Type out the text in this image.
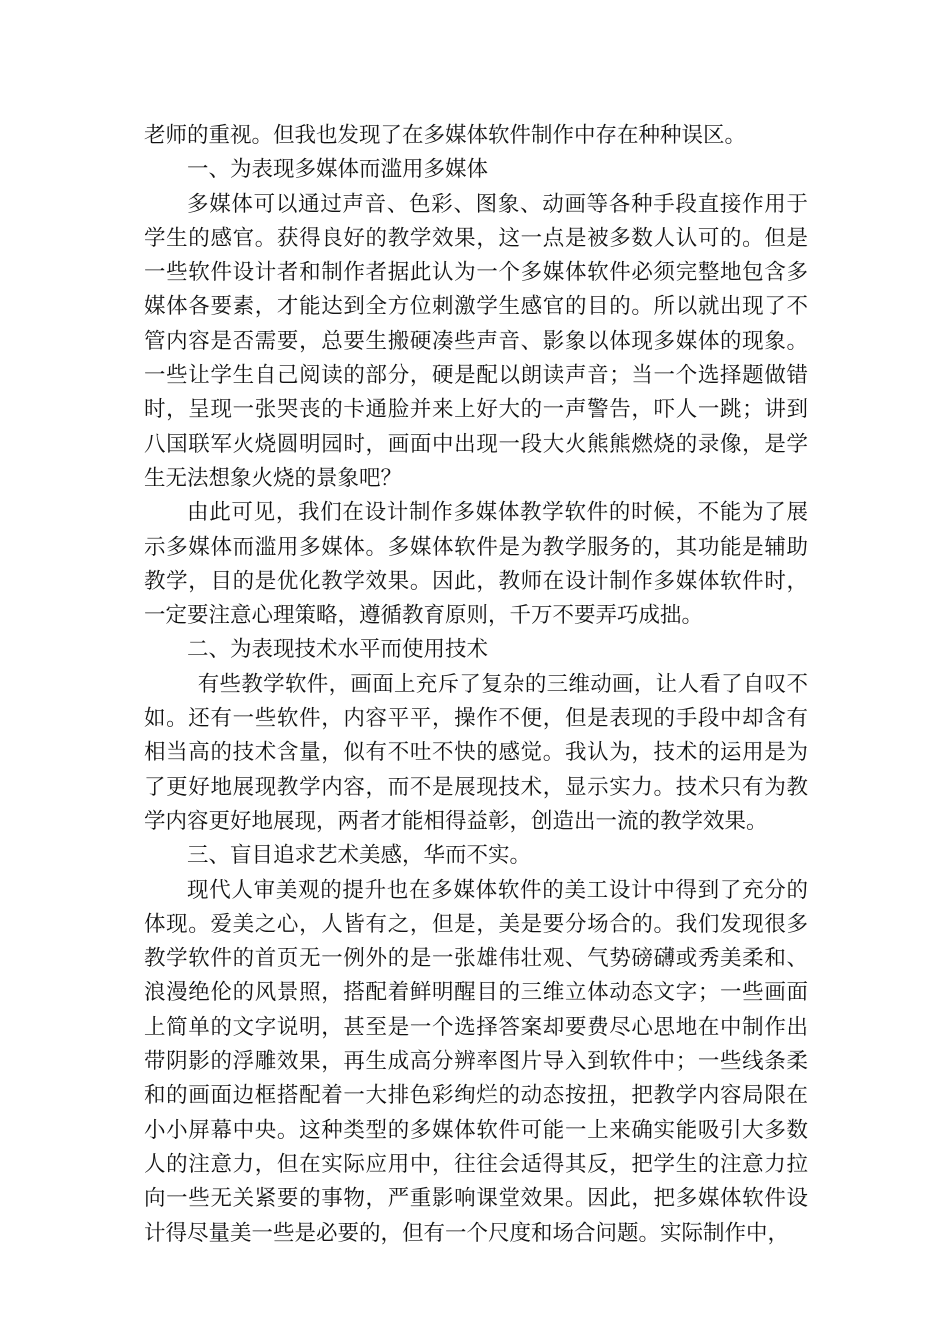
老师的重视。但我也发现了在多媒体软件制作中存在种种误区。

一、为表现多媒体而滥用多媒体

多媒体可以通过声音、色彩、图象、动画等各种手段直接作用于学生的感官。获得良好的教学效果，这一点是被多数人认可的。但是一些软件设计者和制作者据此认为一个多媒体软件必须完整地包含多媒体各要素，才能达到全方位刺激学生感官的目的。所以就出现了不管内容是否需要，总要生搬硬凑些声音、影象以体现多媒体的现象。一些让学生自己阅读的部分，硬是配以朗读声音；当一个选择题做错时，呈现一张哭丧的卡通脸并来上好大的一声警告，吓人一跳；讲到八国联军火烧圆明园时，画面中出现一段大火熊熊燃烧的录像，是学生无法想象火烧的景象吧？

由此可见，我们在设计制作多媒体教学软件的时候，不能为了展示多媒体而滥用多媒体。多媒体软件是为教学服务的，其功能是辅助教学，目的是优化教学效果。因此，教师在设计制作多媒体软件时，一定要注意心理策略，遵循教育原则，千万不要弄巧成拙。

二、为表现技术水平而使用技术

有些教学软件，画面上充斥了复杂的三维动画，让人看了自叹不如。还有一些软件，内容平平，操作不便，但是表现的手段中却含有相当高的技术含量，似有不吐不快的感觉。我认为，技术的运用是为了更好地展现教学内容，而不是展现技术，显示实力。技术只有为教学内容更好地展现，两者才能相得益彰，创造出一流的教学效果。

三、盲目追求艺术美感，华而不实。

现代人审美观的提升也在多媒体软件的美工设计中得到了充分的体现。爱美之心，人皆有之，但是，美是要分场合的。我们发现很多教学软件的首页无一例外的是一张雄伟壮观、气势磅礴或秀美柔和、浪漫绝伦的风景照，搭配着鲜明醒目的三维立体动态文字；一些画面上简单的文字说明，甚至是一个选择答案却要费尽心思地在中制作出带阴影的浮雕效果，再生成高分辨率图片导入到软件中；一些线条柔和的画面边框搭配着一大排色彩绚烂的动态按扭，把教学内容局限在小小屏幕中央。这种类型的多媒体软件可能一上来确实能吸引大多数人的注意力，但在实际应用中，往往会适得其反，把学生的注意力拉向一些无关紧要的事物，严重影响课堂效果。因此，把多媒体软件设计得尽量美一些是必要的，但有一个尺度和场合问题。实际制作中，
